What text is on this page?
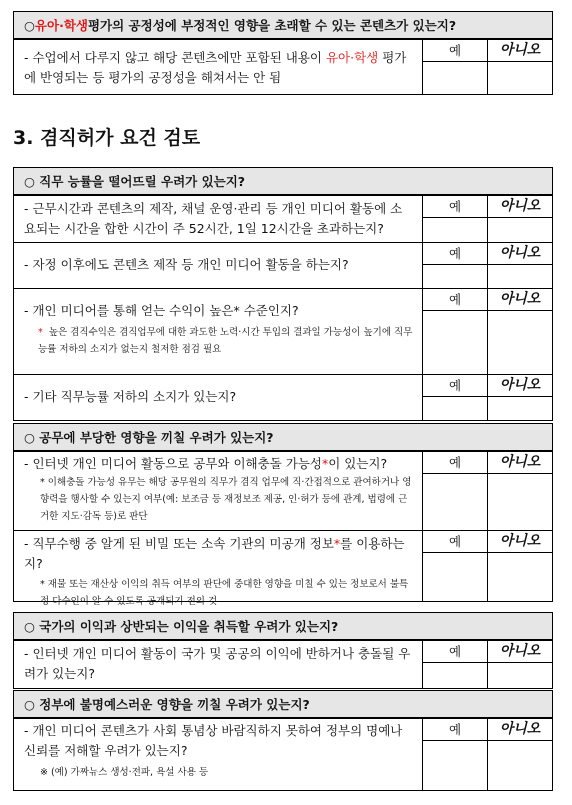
○ 유아·학생 평가의 공정성에 부정적인 영향을 초래할 수 있는 콘텐츠가 있는지?
- 수업에서 다루지 않고 해당 콘텐츠에만 포함된 내용이 유아·학생 평가에 반영되는 등 평가의 공정성을 해쳐서는 안 됨
예	아니오
3. 겸직허가 요건 검토
○ 직무 능률을 떨어뜨릴 우려가 있는지?
- 근무시간과 콘텐츠의 제작, 채널 운영·관리 등 개인 미디어 활동에 소요되는 시간을 합한 시간이 주 52시간, 1일 12시간을 초과하는지?
예	아니오
- 자정 이후에도 콘텐츠 제작 등 개인 미디어 활동을 하는지?
예	아니오
- 개인 미디어를 통해 얻는 수익이 높은* 수준인지?
* 높은 겸직수익은 겸직업무에 대한 과도한 노력·시간 투입의 결과일 가능성이 높기에 직무 능률 저하의 소지가 없는지 철저한 점검 필요
예	아니오
- 기타 직무능률 저하의 소지가 있는지?
예	아니오
○ 공무에 부당한 영향을 끼칠 우려가 있는지?
- 인터넷 개인 미디어 활동으로 공무와 이해충돌 가능성*이 있는지?
* 이해충돌 가능성 유무는 해당 공무원의 직무가 겸직 업무에 직·간접적으로 관여하거나 영향력을 행사할 수 있는지 여부(예: 보조금 등 재정보조 제공, 인·허가 등에 관계, 법령에 근거한 지도·감독 등)로 판단
예	아니오
- 직무수행 중 알게 된 비밀 또는 소속 기관의 미공개 정보*를 이용하는지?
* 재물 또는 재산상 이익의 취득 여부의 판단에 중대한 영향을 미칠 수 있는 정보로서 불특정 다수인이 알 수 있도록 공개되기 전의 것
예	아니오
○ 국가의 이익과 상반되는 이익을 취득할 우려가 있는지?
- 인터넷 개인 미디어 활동이 국가 및 공공의 이익에 반하거나 충돌될 우려가 있는지?
예	아니오
○ 정부에 불명예스러운 영향을 끼칠 우려가 있는지?
- 개인 미디어 콘텐츠가 사회 통념상 바람직하지 못하여 정부의 명예나 신뢰를 저해할 우려가 있는지?
※ (예) 가짜뉴스 생성·전파, 욕설 사용 등
예	아니오
